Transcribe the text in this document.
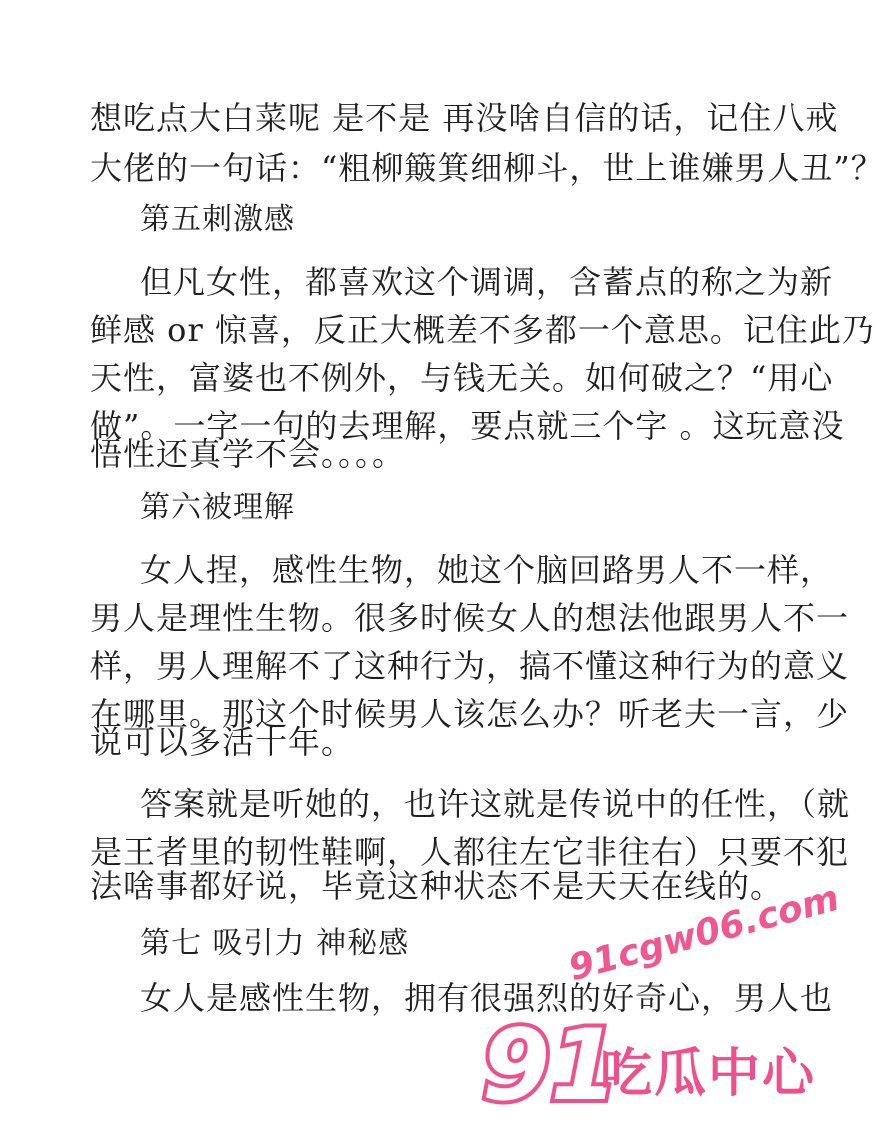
想吃点大白菜呢 是不是 再没啥自信的话，记住八戒
大佬的一句话：“粗柳簸箕细柳斗，世上谁嫌男人丑”？
第五刺激感
但凡女性，都喜欢这个调调，含蓄点的称之为新
鲜感 or 惊喜，反正大概差不多都一个意思。记住此乃
天性，富婆也不例外，与钱无关。如何破之？“用心
做”。一字一句的去理解，要点就三个字 。这玩意没
悟性还真学不会。。。。
第六被理解
女人捏，感性生物，她这个脑回路男人不一样，
男人是理性生物。很多时候女人的想法他跟男人不一
样，男人理解不了这种行为，搞不懂这种行为的意义
在哪里。那这个时候男人该怎么办？听老夫一言，少
说可以多活十年。
答案就是听她的，也许这就是传说中的任性，（就
是王者里的韧性鞋啊，人都往左它非往右）只要不犯
法啥事都好说，毕竟这种状态不是天天在线的。
第七 吸引力 神秘感
女人是感性生物，拥有很强烈的好奇心，男人也
91cgw06.com
91
吃瓜中心
